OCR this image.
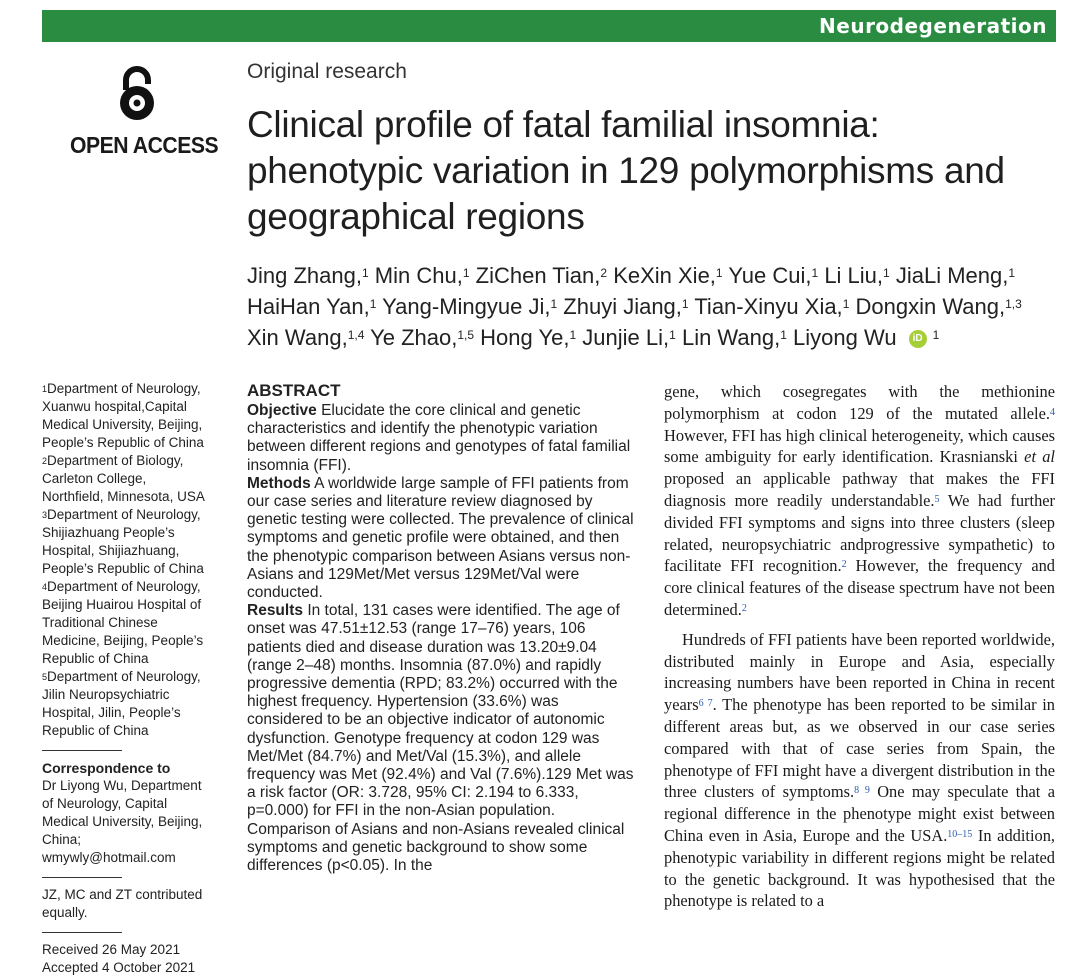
Neurodegeneration
OPEN ACCESS
Original research
Clinical profile of fatal familial insomnia: phenotypic variation in 129 polymorphisms and geographical regions
Jing Zhang,$^1$ Min Chu,$^1$ ZiChen Tian,$^2$ KeXin Xie,$^1$ Yue Cui,$^1$ Li Liu,$^1$ JiaLi Meng,$^1$ HaiHan Yan,$^1$ Yang-Mingyue Ji,$^1$ Zhuyi Jiang,$^1$ Tian-Xinyu Xia,$^1$ Dongxin Wang,$^{1,3}$ Xin Wang,$^{1,4}$ Ye Zhao,$^{1,5}$ Hong Ye,$^1$ Junjie Li,$^1$ Lin Wang,$^1$ Liyong Wu iD $^1$
$^1$Department of Neurology, Xuanwu hospital,Capital Medical University, Beijing, People’s Republic of China
$^2$Department of Biology, Carleton College, Northfield, Minnesota, USA
$^3$Department of Neurology, Shijiazhuang People’s Hospital, Shijiazhuang, People’s Republic of China
$^4$Department of Neurology, Beijing Huairou Hospital of Traditional Chinese Medicine, Beijing, People’s Republic of China
$^5$Department of Neurology, Jilin Neuropsychiatric Hospital, Jilin, People’s Republic of China
Correspondence to
Dr Liyong Wu, Department of Neurology, Capital Medical University, Beijing, China; wmywly@hotmail.com
JZ, MC and ZT contributed equally.
Received 26 May 2021
Accepted 4 October 2021
ABSTRACT
Objective Elucidate the core clinical and genetic characteristics and identify the phenotypic variation between different regions and genotypes of fatal familial insomnia (FFI).
Methods A worldwide large sample of FFI patients from our case series and literature review diagnosed by genetic testing were collected. The prevalence of clinical symptoms and genetic profile were obtained, and then the phenotypic comparison between Asians versus non-Asians and 129Met/Met versus 129Met/Val were conducted.
Results In total, 131 cases were identified. The age of onset was 47.51±12.53 (range 17–76) years, 106 patients died and disease duration was 13.20±9.04 (range 2–48) months. Insomnia (87.0%) and rapidly progressive dementia (RPD; 83.2%) occurred with the highest frequency. Hypertension (33.6%) was considered to be an objective indicator of autonomic dysfunction. Genotype frequency at codon 129 was Met/Met (84.7%) and Met/Val (15.3%), and allele frequency was Met (92.4%) and Val (7.6%).129 Met was a risk factor (OR: 3.728, 95% CI: 2.194 to 6.333, p=0.000) for FFI in the non-Asian population. Comparison of Asians and non-Asians revealed clinical symptoms and genetic background to show some differences (p<0.05). In the

gene, which cosegregates with the methionine polymorphism at codon 129 of the mutated allele.$^4$ However, FFI has high clinical heterogeneity, which causes some ambiguity for early identification. Krasnianski et al proposed an applicable pathway that makes the FFI diagnosis more readily understandable.$^5$ We had further divided FFI symptoms and signs into three clusters (sleep related, neuropsychiatric andprogressive sympathetic) to facilitate FFI recognition.$^2$ However, the frequency and core clinical features of the disease spectrum have not been determined.$^2$

Hundreds of FFI patients have been reported worldwide, distributed mainly in Europe and Asia, especially increasing numbers have been reported in China in recent years$^{6 7}$. The phenotype has been reported to be similar in different areas but, as we observed in our case series compared with that of case series from Spain, the phenotype of FFI might have a divergent distribution in the three clusters of symptoms.$^{8 9}$ One may speculate that a regional difference in the phenotype might exist between China even in Asia, Europe and the USA.$^{10-15}$ In addition, phenotypic variability in different regions might be related to the genetic background. It was hypothesised that the phenotype is related to a
